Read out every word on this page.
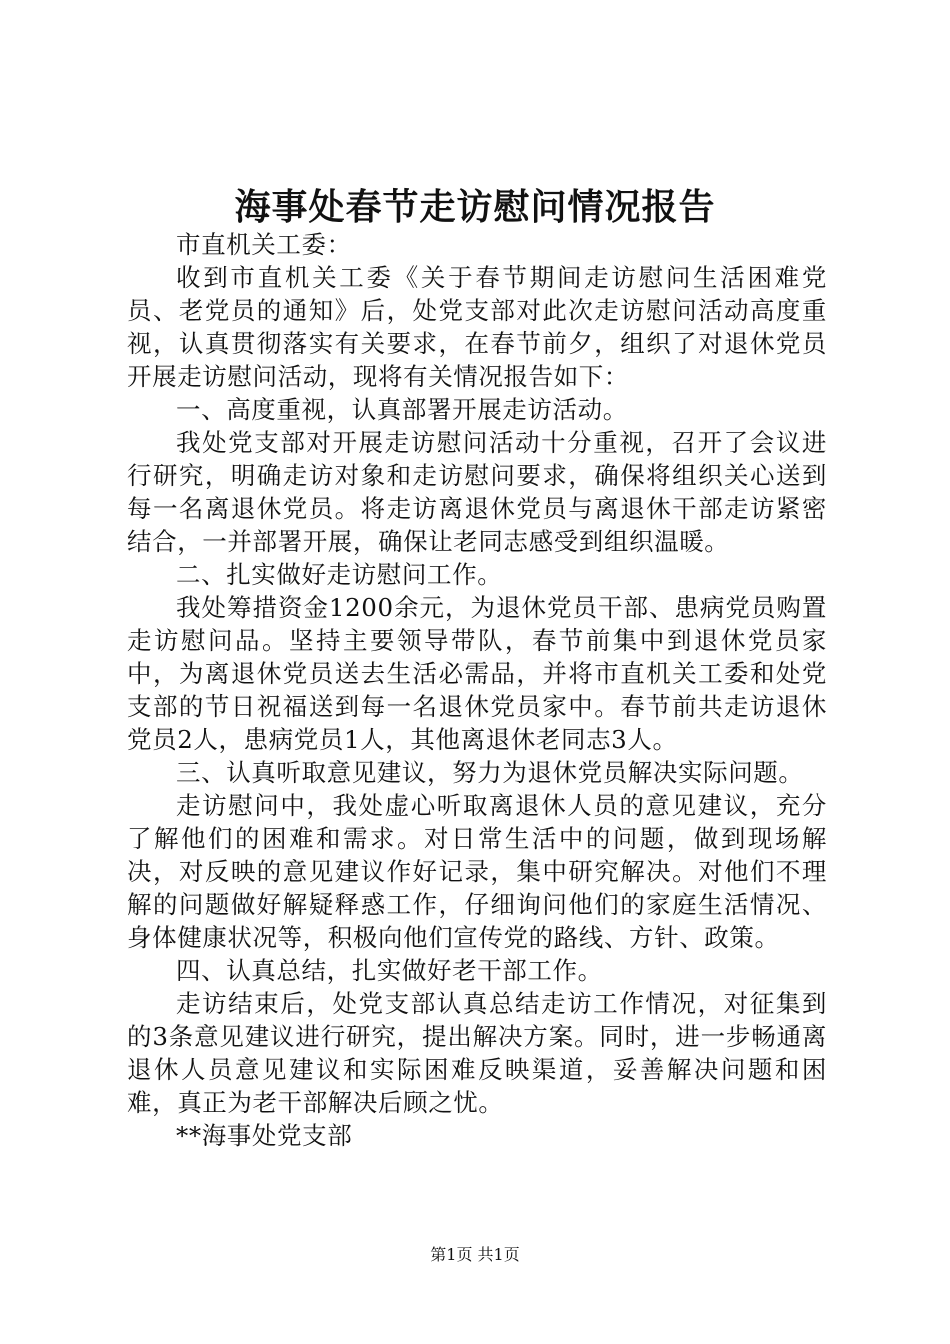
海事处春节走访慰问情况报告

市直机关工委：

收到市直机关工委《关于春节期间走访慰问生活困难党员、老党员的通知》后，处党支部对此次走访慰问活动高度重视，认真贯彻落实有关要求，在春节前夕，组织了对退休党员开展走访慰问活动，现将有关情况报告如下：

一、高度重视，认真部署开展走访活动。

我处党支部对开展走访慰问活动十分重视，召开了会议进行研究，明确走访对象和走访慰问要求，确保将组织关心送到每一名离退休党员。将走访离退休党员与离退休干部走访紧密结合，一并部署开展，确保让老同志感受到组织温暖。

二、扎实做好走访慰问工作。

我处筹措资金1200余元，为退休党员干部、患病党员购置走访慰问品。坚持主要领导带队，春节前集中到退休党员家中，为离退休党员送去生活必需品，并将市直机关工委和处党支部的节日祝福送到每一名退休党员家中。春节前共走访退休党员2人，患病党员1人，其他离退休老同志3人。

三、认真听取意见建议，努力为退休党员解决实际问题。

走访慰问中，我处虚心听取离退休人员的意见建议，充分了解他们的困难和需求。对日常生活中的问题，做到现场解决，对反映的意见建议作好记录，集中研究解决。对他们不理解的问题做好解疑释惑工作，仔细询问他们的家庭生活情况、身体健康状况等，积极向他们宣传党的路线、方针、政策。

四、认真总结，扎实做好老干部工作。

走访结束后，处党支部认真总结走访工作情况，对征集到的3条意见建议进行研究，提出解决方案。同时，进一步畅通离退休人员意见建议和实际困难反映渠道，妥善解决问题和困难，真正为老干部解决后顾之忧。

**海事处党支部

第1页 共1页
